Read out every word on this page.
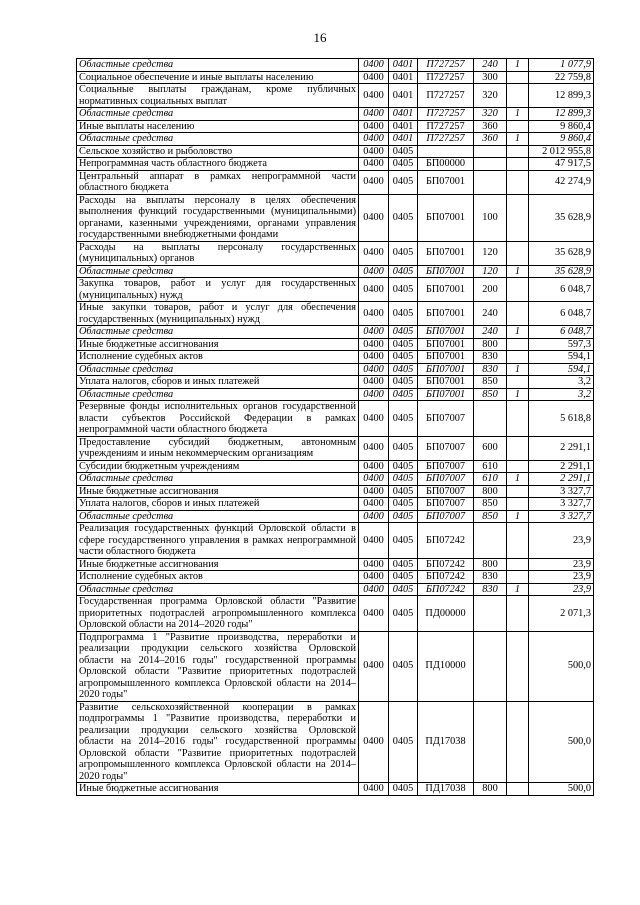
16
Областные средства	0400	0401	П727257	240	1	1 077,9
Социальное обеспечение и иные выплаты населению	0400	0401	П727257	300		22 759,8
Социальные выплаты гражданам, кроме публичных нормативных социальных выплат	0400	0401	П727257	320		12 899,3
Областные средства	0400	0401	П727257	320	1	12 899,3
Иные выплаты населению	0400	0401	П727257	360		9 860,4
Областные средства	0400	0401	П727257	360	1	9 860,4
Сельское хозяйство и рыболовство	0400	0405				2 012 955,8
Непрограммная часть областного бюджета	0400	0405	БП00000			47 917,5
Центральный аппарат в рамках непрограммной части областного бюджета	0400	0405	БП07001			42 274,9
Расходы на выплаты персоналу в целях обеспечения выполнения функций государственными (муниципальными) органами, казенными учреждениями, органами управления государственными внебюджетными фондами	0400	0405	БП07001	100		35 628,9
Расходы на выплаты персоналу государственных (муниципальных) органов	0400	0405	БП07001	120		35 628,9
Областные средства	0400	0405	БП07001	120	1	35 628,9
Закупка товаров, работ и услуг для государственных (муниципальных) нужд	0400	0405	БП07001	200		6 048,7
Иные закупки товаров, работ и услуг для обеспечения государственных (муниципальных) нужд	0400	0405	БП07001	240		6 048,7
Областные средства	0400	0405	БП07001	240	1	6 048,7
Иные бюджетные ассигнования	0400	0405	БП07001	800		597,3
Исполнение судебных актов	0400	0405	БП07001	830		594,1
Областные средства	0400	0405	БП07001	830	1	594,1
Уплата налогов, сборов и иных платежей	0400	0405	БП07001	850		3,2
Областные средства	0400	0405	БП07001	850	1	3,2
Резервные фонды исполнительных органов государственной власти субъектов Российской Федерации в рамках непрограммной части областного бюджета	0400	0405	БП07007			5 618,8
Предоставление субсидий бюджетным, автономным учреждениям и иным некоммерческим организациям	0400	0405	БП07007	600		2 291,1
Субсидии бюджетным учреждениям	0400	0405	БП07007	610		2 291,1
Областные средства	0400	0405	БП07007	610	1	2 291,1
Иные бюджетные ассигнования	0400	0405	БП07007	800		3 327,7
Уплата налогов, сборов и иных платежей	0400	0405	БП07007	850		3 327,7
Областные средства	0400	0405	БП07007	850	1	3 327,7
Реализация государственных функций Орловской области в сфере государственного управления в рамках непрограммной части областного бюджета	0400	0405	БП07242			23,9
Иные бюджетные ассигнования	0400	0405	БП07242	800		23,9
Исполнение судебных актов	0400	0405	БП07242	830		23,9
Областные средства	0400	0405	БП07242	830	1	23,9
Государственная программа Орловской области "Развитие приоритетных подотраслей агропромышленного комплекса Орловской области на 2014–2020 годы"	0400	0405	ПД00000			2 071,3
Подпрограмма 1 "Развитие производства, переработки и реализации продукции сельского хозяйства Орловской области на 2014–2016 годы" государственной программы Орловской области "Развитие приоритетных подотраслей агропромышленного комплекса Орловской области на 2014–2020 годы"	0400	0405	ПД10000			500,0
Развитие сельскохозяйственной кооперации в рамках подпрограммы 1 "Развитие производства, переработки и реализации продукции сельского хозяйства Орловской области на 2014–2016 годы" государственной программы Орловской области "Развитие приоритетных подотраслей агропромышленного комплекса Орловской области на 2014–2020 годы"	0400	0405	ПД17038			500,0
Иные бюджетные ассигнования	0400	0405	ПД17038	800		500,0
